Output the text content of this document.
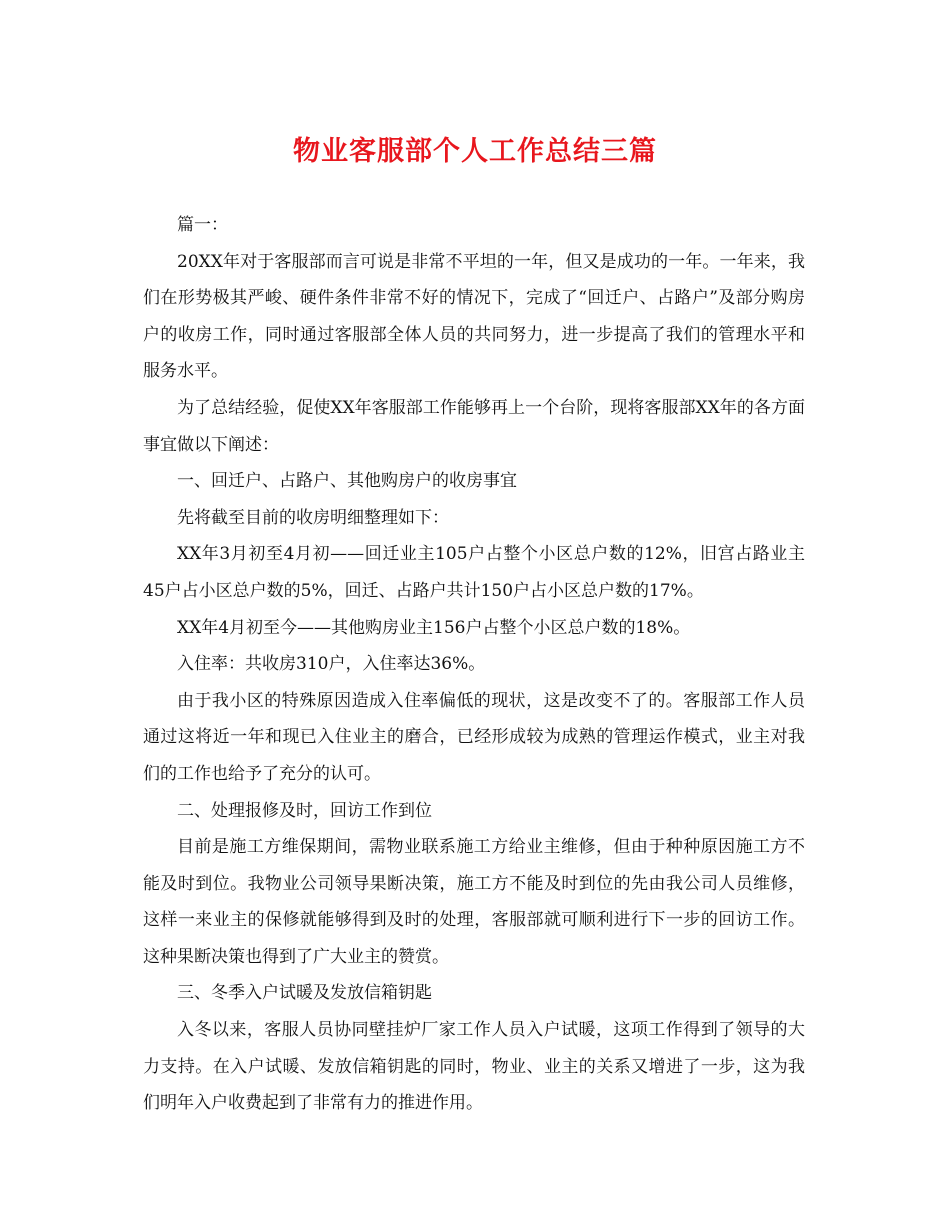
物业客服部个人工作总结三篇

篇一：

20XX年对于客服部而言可说是非常不平坦的一年，但又是成功的一年。一年来，我们在形势极其严峻、硬件条件非常不好的情况下，完成了“回迁户、占路户”及部分购房户的收房工作，同时通过客服部全体人员的共同努力，进一步提高了我们的管理水平和服务水平。

为了总结经验，促使XX年客服部工作能够再上一个台阶，现将客服部XX年的各方面事宜做以下阐述：

一、回迁户、占路户、其他购房户的收房事宜

先将截至目前的收房明细整理如下：

XX年3月初至4月初——回迁业主105户占整个小区总户数的12%，旧宫占路业主45户占小区总户数的5%，回迁、占路户共计150户占小区总户数的17%。

XX年4月初至今——其他购房业主156户占整个小区总户数的18%。

入住率：共收房310户，入住率达36%。

由于我小区的特殊原因造成入住率偏低的现状，这是改变不了的。客服部工作人员通过这将近一年和现已入住业主的磨合，已经形成较为成熟的管理运作模式，业主对我们的工作也给予了充分的认可。

二、处理报修及时，回访工作到位

目前是施工方维保期间，需物业联系施工方给业主维修，但由于种种原因施工方不能及时到位。我物业公司领导果断决策，施工方不能及时到位的先由我公司人员维修，这样一来业主的保修就能够得到及时的处理，客服部就可顺利进行下一步的回访工作。这种果断决策也得到了广大业主的赞赏。

三、冬季入户试暖及发放信箱钥匙

入冬以来，客服人员协同壁挂炉厂家工作人员入户试暖，这项工作得到了领导的大力支持。在入户试暖、发放信箱钥匙的同时，物业、业主的关系又增进了一步，这为我们明年入户收费起到了非常有力的推进作用。
